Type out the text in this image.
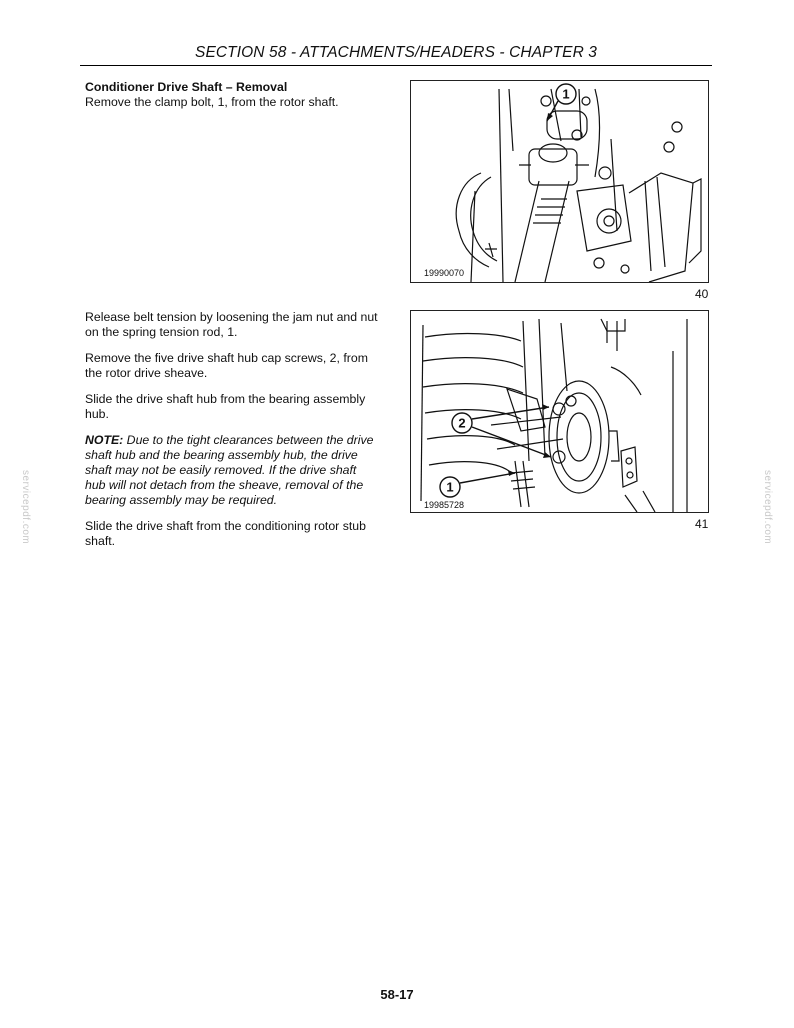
SECTION 58 - ATTACHMENTS/HEADERS - CHAPTER 3
Conditioner Drive Shaft – Removal
Remove the clamp bolt, 1, from the rotor shaft.
1
19990070
40
Release belt tension by loosening the jam nut and nut on the spring tension rod, 1.
Remove the five drive shaft hub cap screws, 2, from the rotor drive sheave.
Slide the drive shaft hub from the bearing assembly hub.
NOTE: Due to the tight clearances between the drive shaft hub and the bearing assembly hub, the drive shaft may not be easily removed. If the drive shaft hub will not detach from the sheave, removal of the bearing assembly may be required.
Slide the drive shaft from the conditioning rotor stub shaft.
2
1
19985728
41
servicepdf.com	servicepdf.com
58-17
